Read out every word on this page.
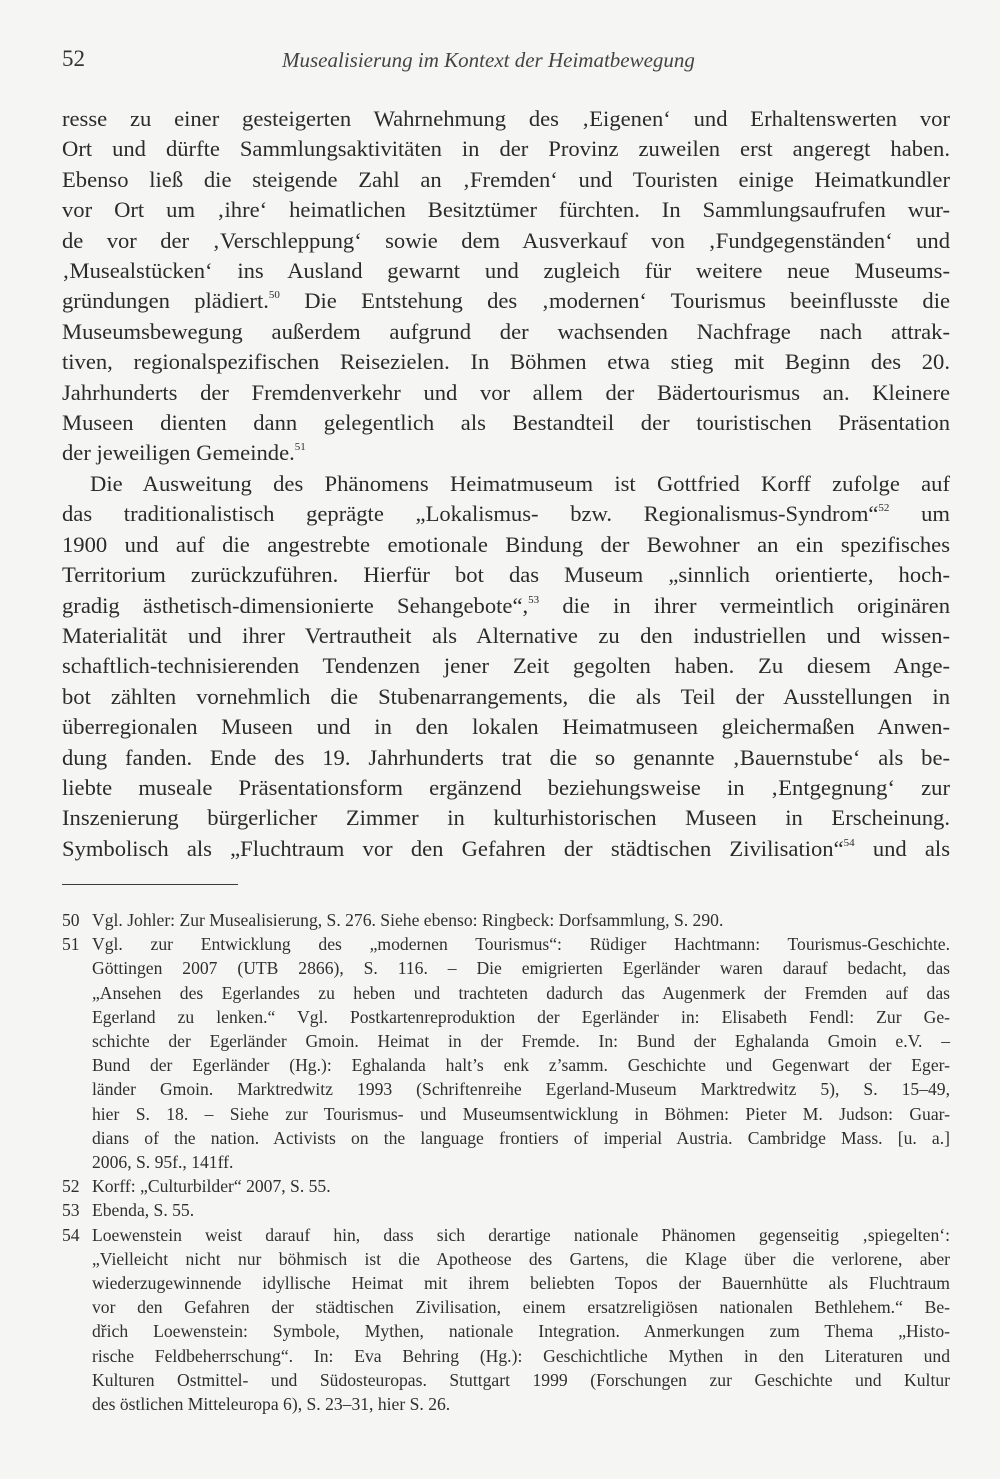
52	Musealisierung im Kontext der Heimatbewegung

resse zu einer gesteigerten Wahrnehmung des ‚Eigenen‘ und Erhaltenswerten vor

Ort und dürfte Sammlungsaktivitäten in der Provinz zuweilen erst angeregt haben.

Ebenso ließ die steigende Zahl an ‚Fremden‘ und Touristen einige Heimatkundler

vor Ort um ‚ihre‘ heimatlichen Besitztümer fürchten. In Sammlungsaufrufen wur-

de vor der ‚Verschleppung‘ sowie dem Ausverkauf von ‚Fundgegenständen‘ und

‚Musealstücken‘ ins Ausland gewarnt und zugleich für weitere neue Museums-

gründungen plädiert.$^{50}$ Die Entstehung des ‚modernen‘ Tourismus beeinflusste die

Museumsbewegung außerdem aufgrund der wachsenden Nachfrage nach attrak-

tiven, regionalspezifischen Reisezielen. In Böhmen etwa stieg mit Beginn des 20.

Jahrhunderts der Fremdenverkehr und vor allem der Bädertourismus an. Kleinere

Museen dienten dann gelegentlich als Bestandteil der touristischen Präsentation

der jeweiligen Gemeinde.$^{51}$

Die Ausweitung des Phänomens Heimatmuseum ist Gottfried Korff zufolge auf

das traditionalistisch geprägte „Lokalismus- bzw. Regionalismus-Syndrom“$^{52}$ um

1900 und auf die angestrebte emotionale Bindung der Bewohner an ein spezifisches

Territorium zurückzuführen. Hierfür bot das Museum „sinnlich orientierte, hoch-

gradig ästhetisch-dimensionierte Sehangebote“,$^{53}$ die in ihrer vermeintlich originären

Materialität und ihrer Vertrautheit als Alternative zu den industriellen und wissen-

schaftlich-technisierenden Tendenzen jener Zeit gegolten haben. Zu diesem Ange-

bot zählten vornehmlich die Stubenarrangements, die als Teil der Ausstellungen in

überregionalen Museen und in den lokalen Heimatmuseen gleichermaßen Anwen-

dung fanden. Ende des 19. Jahrhunderts trat die so genannte ‚Bauernstube‘ als be-

liebte museale Präsentationsform ergänzend beziehungsweise in ‚Entgegnung‘ zur

Inszenierung bürgerlicher Zimmer in kulturhistorischen Museen in Erscheinung.

Symbolisch als „Fluchtraum vor den Gefahren der städtischen Zivilisation“$^{54}$ und als

50 Vgl. Johler: Zur Musealisierung, S. 276. Siehe ebenso: Ringbeck: Dorfsammlung, S. 290.
51 Vgl. zur Entwicklung des „modernen Tourismus“: Rüdiger Hachtmann: Tourismus-Geschichte.
Göttingen 2007 (UTB 2866), S. 116. – Die emigrierten Egerländer waren darauf bedacht, das
„Ansehen des Egerlandes zu heben und trachteten dadurch das Augenmerk der Fremden auf das
Egerland zu lenken.“ Vgl. Postkartenreproduktion der Egerländer in: Elisabeth Fendl: Zur Ge-
schichte der Egerländer Gmoin. Heimat in der Fremde. In: Bund der Eghalanda Gmoin e.V. –
Bund der Egerländer (Hg.): Eghalanda halt’s enk z’samm. Geschichte und Gegenwart der Eger-
länder Gmoin. Marktredwitz 1993 (Schriftenreihe Egerland-Museum Marktredwitz 5), S. 15–49,
hier S. 18. – Siehe zur Tourismus- und Museumsentwicklung in Böhmen: Pieter M. Judson: Guar-
dians of the nation. Activists on the language frontiers of imperial Austria. Cambridge Mass. [u. a.]
2006, S. 95f., 141ff.
52 Korff: „Culturbilder“ 2007, S. 55.
53 Ebenda, S. 55.
54 Loewenstein weist darauf hin, dass sich derartige nationale Phänomen gegenseitig ‚spiegelten‘:
„Vielleicht nicht nur böhmisch ist die Apotheose des Gartens, die Klage über die verlorene, aber
wiederzugewinnende idyllische Heimat mit ihrem beliebten Topos der Bauernhütte als Fluchtraum
vor den Gefahren der städtischen Zivilisation, einem ersatzreligiösen nationalen Bethlehem.“ Be-
dřich Loewenstein: Symbole, Mythen, nationale Integration. Anmerkungen zum Thema „Histo-
rische Feldbeherrschung“. In: Eva Behring (Hg.): Geschichtliche Mythen in den Literaturen und
Kulturen Ostmittel- und Südosteuropas. Stuttgart 1999 (Forschungen zur Geschichte und Kultur
des östlichen Mitteleuropa 6), S. 23–31, hier S. 26.
